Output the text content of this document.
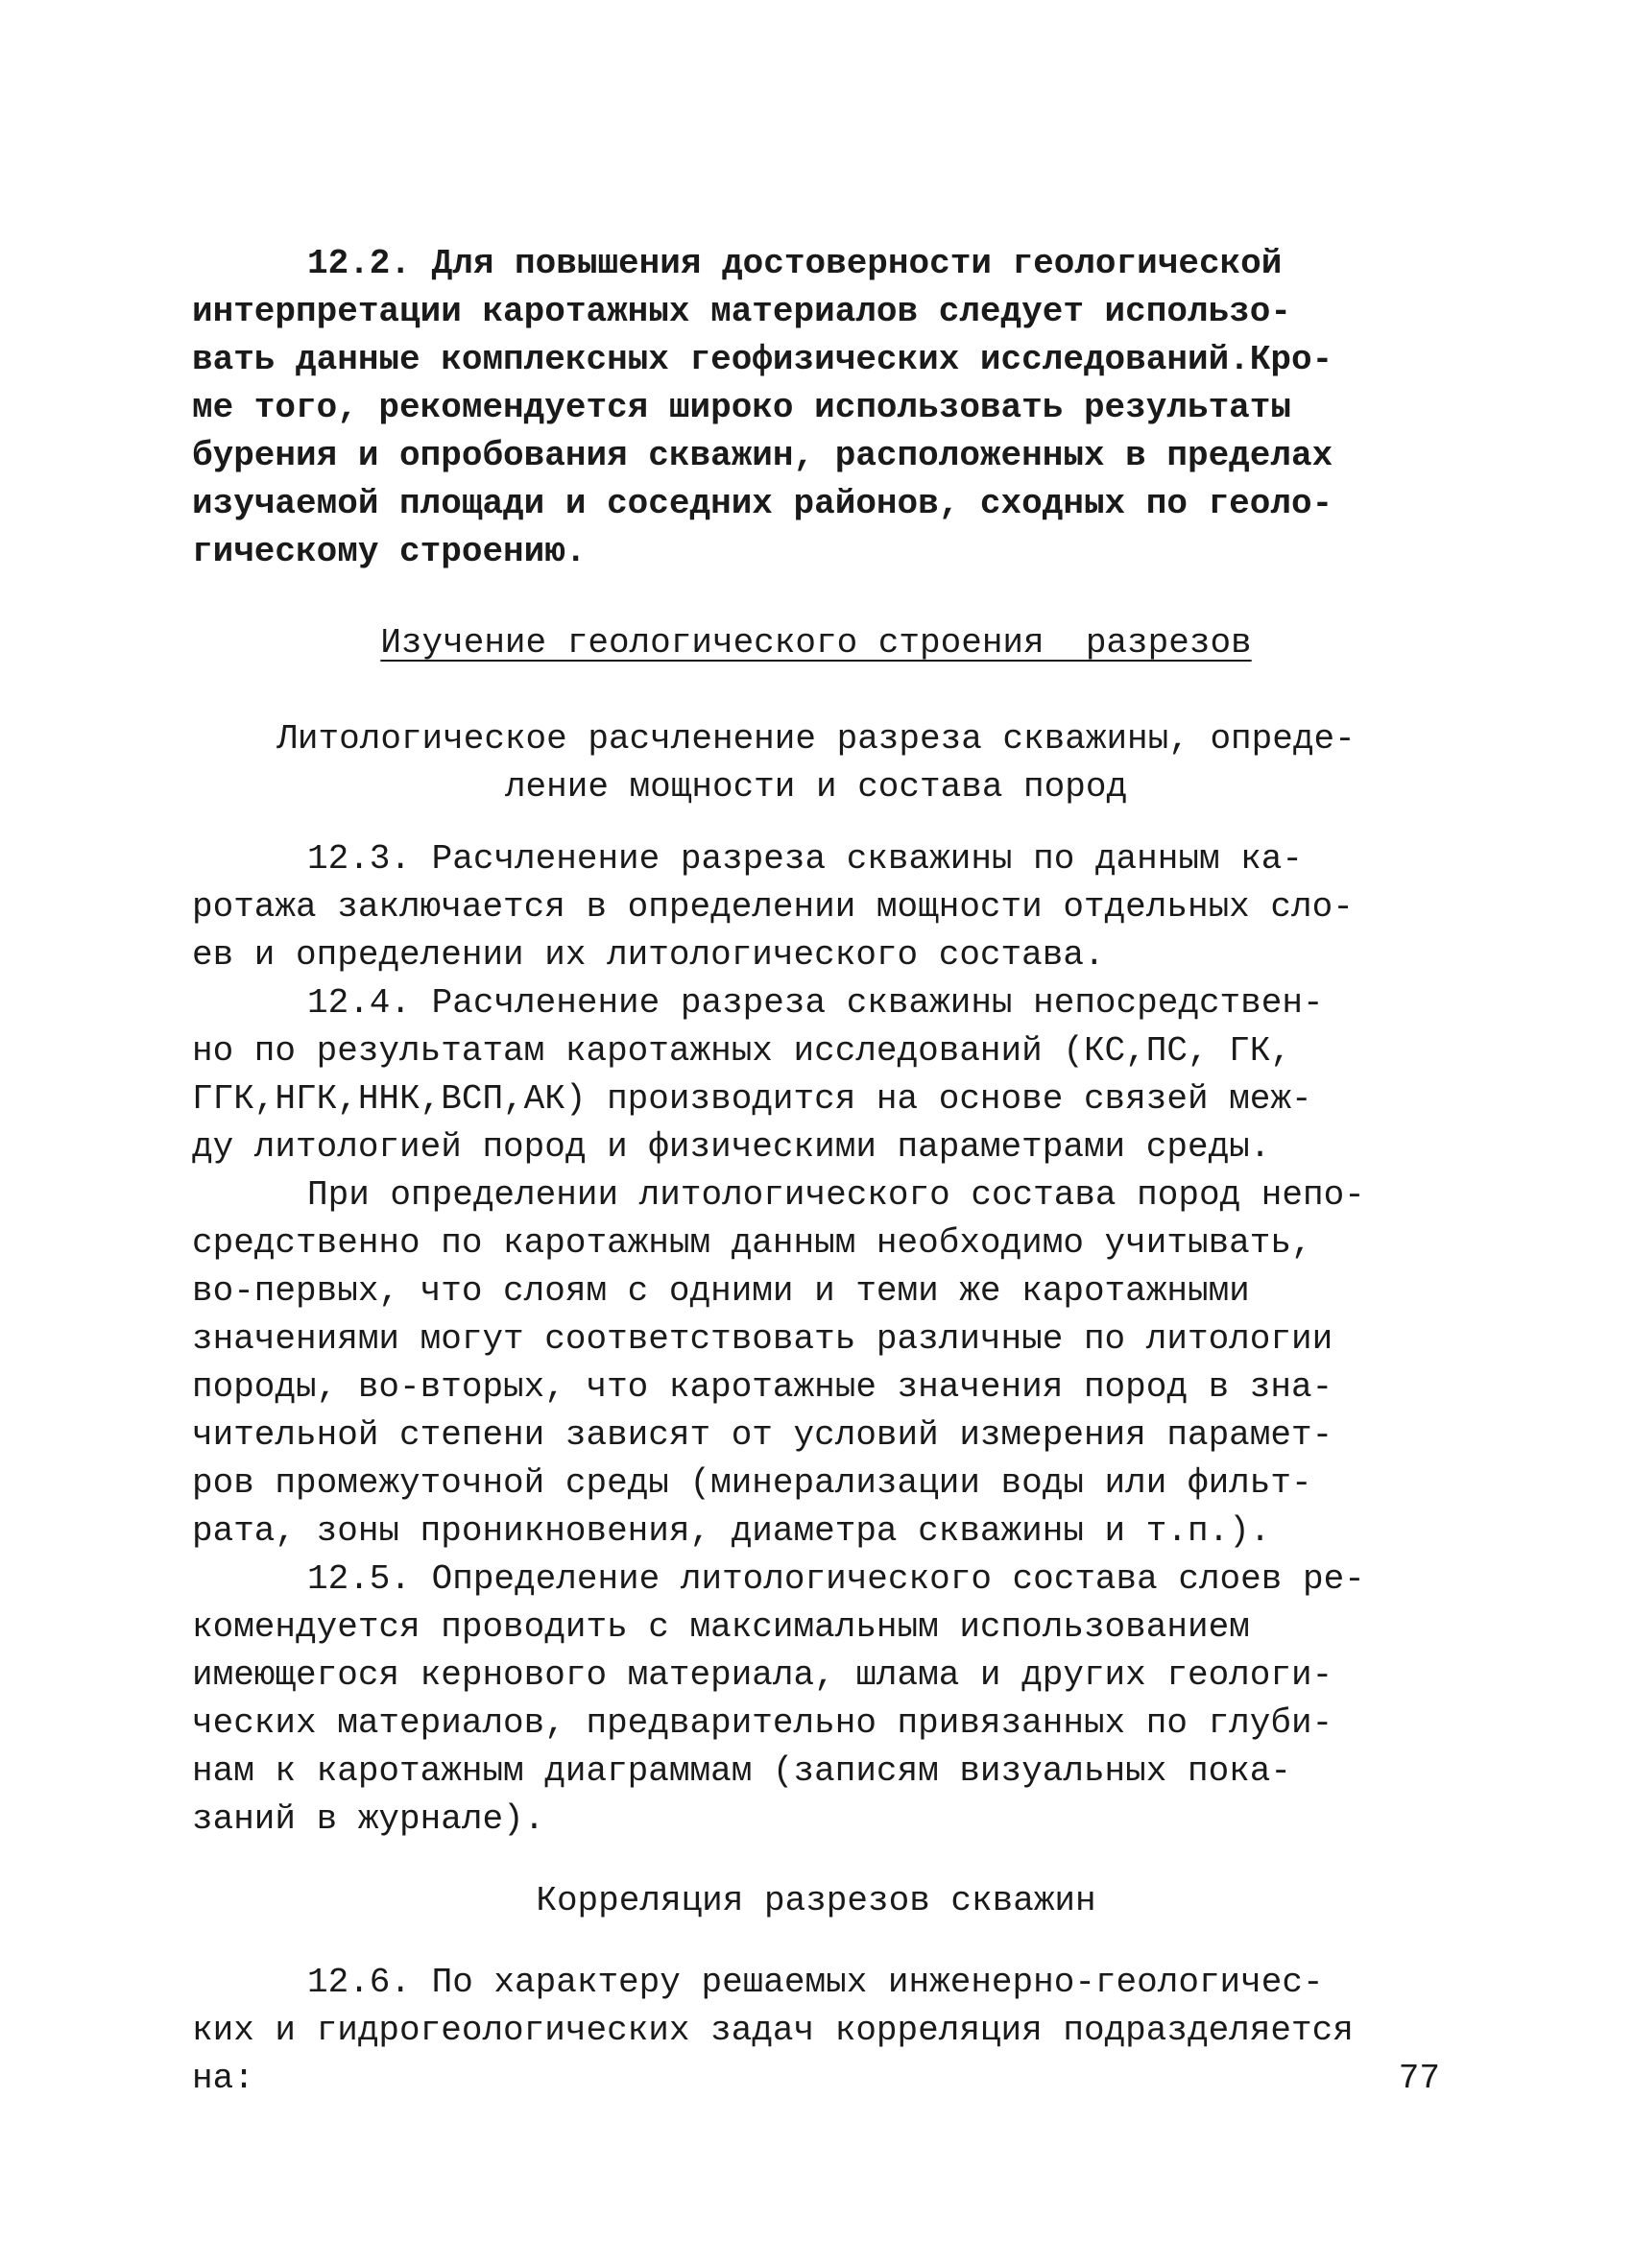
12.2. Для повышения достоверности геологической
интерпретации каротажных материалов следует использо-
вать данные комплексных геофизических исследований.Кро-
ме того, рекомендуется широко использовать результаты
бурения и опробования скважин, расположенных в пределах
изучаемой площади и соседних районов, сходных по геоло-
гическому строению.
Изучение геологического строения  разрезов
Литологическое расчленение разреза скважины, опреде-
ление мощности и состава пород
12.3. Расчленение разреза скважины по данным ка-
ротажа заключается в определении мощности отдельных сло-
ев и определении их литологического состава.
12.4. Расчленение разреза скважины непосредствен-
но по результатам каротажных исследований (КС,ПС, ГК,
ГГК,НГК,ННК,ВСП,АК) производится на основе связей меж-
ду литологией пород и физическими параметрами среды.
При определении литологического состава пород непо-
средственно по каротажным данным необходимо учитывать,
во-первых, что слоям с одними и теми же каротажными
значениями могут соответствовать различные по литологии
породы, во-вторых, что каротажные значения пород в зна-
чительной степени зависят от условий измерения парамет-
ров промежуточной среды (минерализации воды или фильт-
рата, зоны проникновения, диаметра скважины и т.п.).
12.5. Определение литологического состава слоев ре-
комендуется проводить с максимальным использованием
имеющегося кернового материала, шлама и других геологи-
ческих материалов, предварительно привязанных по глуби-
нам к каротажным диаграммам (записям визуальных пока-
заний в журнале).
Корреляция разрезов скважин
12.6. По характеру решаемых инженерно-геологичес-
ких и гидрогеологических задач корреляция подразделяется
на:	77
